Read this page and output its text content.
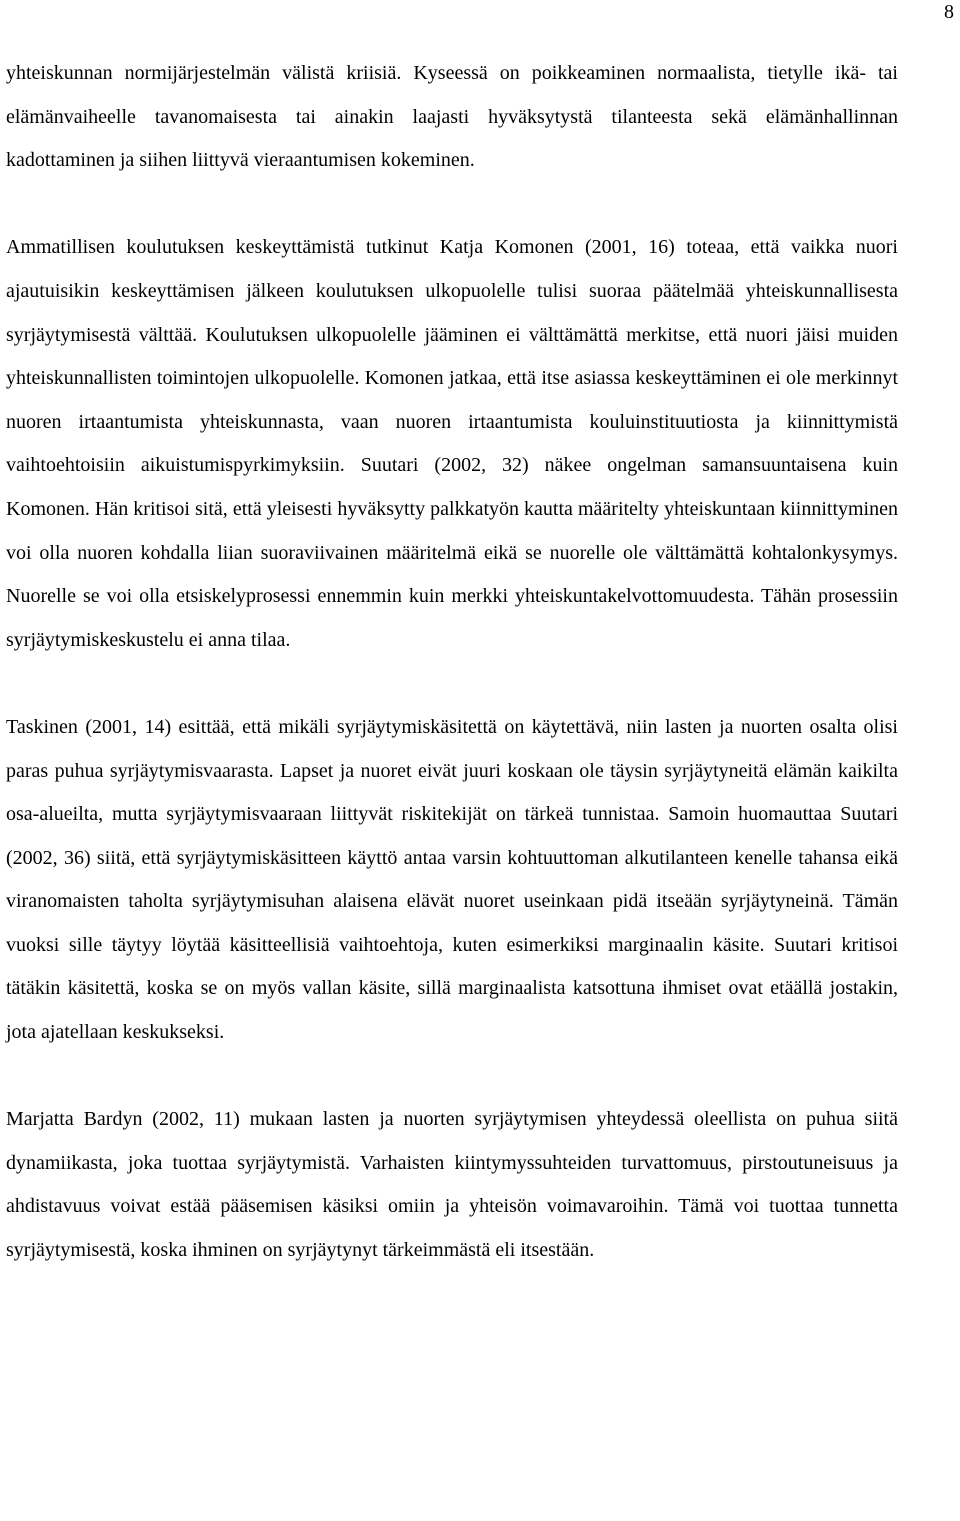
8

yhteiskunnan normijärjestelmän välistä kriisiä. Kyseessä on poikkeaminen normaalista, tietylle ikä- tai elämänvaiheelle tavanomaisesta tai ainakin laajasti hyväksytystä tilanteesta sekä elämänhallinnan kadottaminen ja siihen liittyvä vieraantumisen kokeminen.

Ammatillisen koulutuksen keskeyttämistä tutkinut Katja Komonen (2001, 16) toteaa, että vaikka nuori ajautuisikin keskeyttämisen jälkeen koulutuksen ulkopuolelle tulisi suoraa päätelmää yhteiskunnallisesta syrjäytymisestä välttää. Koulutuksen ulkopuolelle jääminen ei välttämättä merkitse, että nuori jäisi muiden yhteiskunnallisten toimintojen ulkopuolelle. Komonen jatkaa, että itse asiassa keskeyttäminen ei ole merkinnyt nuoren irtaantumista yhteiskunnasta, vaan nuoren irtaantumista kouluinstituutiosta ja kiinnittymistä vaihtoehtoisiin aikuistumispyrkimyksiin. Suutari (2002, 32) näkee ongelman samansuuntaisena kuin Komonen. Hän kritisoi sitä, että yleisesti hyväksytty palkkatyön kautta määritelty yhteiskuntaan kiinnittyminen voi olla nuoren kohdalla liian suoraviivainen määritelmä eikä se nuorelle ole välttämättä kohtalonkysymys. Nuorelle se voi olla etsiskelyprosessi ennemmin kuin merkki yhteiskuntakelvottomuudesta. Tähän prosessiin syrjäytymiskeskustelu ei anna tilaa.

Taskinen (2001, 14) esittää, että mikäli syrjäytymiskäsitettä on käytettävä, niin lasten ja nuorten osalta olisi paras puhua syrjäytymisvaarasta. Lapset ja nuoret eivät juuri koskaan ole täysin syrjäytyneitä elämän kaikilta osa-alueilta, mutta syrjäytymisvaaraan liittyvät riskitekijät on tärkeä tunnistaa. Samoin huomauttaa Suutari (2002, 36) siitä, että syrjäytymiskäsitteen käyttö antaa varsin kohtuuttoman alkutilanteen kenelle tahansa eikä viranomaisten taholta syrjäytymisuhan alaisena elävät nuoret useinkaan pidä itseään syrjäytyneinä. Tämän vuoksi sille täytyy löytää käsitteellisiä vaihtoehtoja, kuten esimerkiksi marginaalin käsite. Suutari kritisoi tätäkin käsitettä, koska se on myös vallan käsite, sillä marginaalista katsottuna ihmiset ovat etäällä jostakin, jota ajatellaan keskukseksi.

Marjatta Bardyn (2002, 11) mukaan lasten ja nuorten syrjäytymisen yhteydessä oleellista on puhua siitä dynamiikasta, joka tuottaa syrjäytymistä. Varhaisten kiintymyssuhteiden turvattomuus, pirstoutuneisuus ja ahdistavuus voivat estää pääsemisen käsiksi omiin ja yhteisön voimavaroihin. Tämä voi tuottaa tunnetta syrjäytymisestä, koska ihminen on syrjäytynyt tärkeimmästä eli itsestään.
